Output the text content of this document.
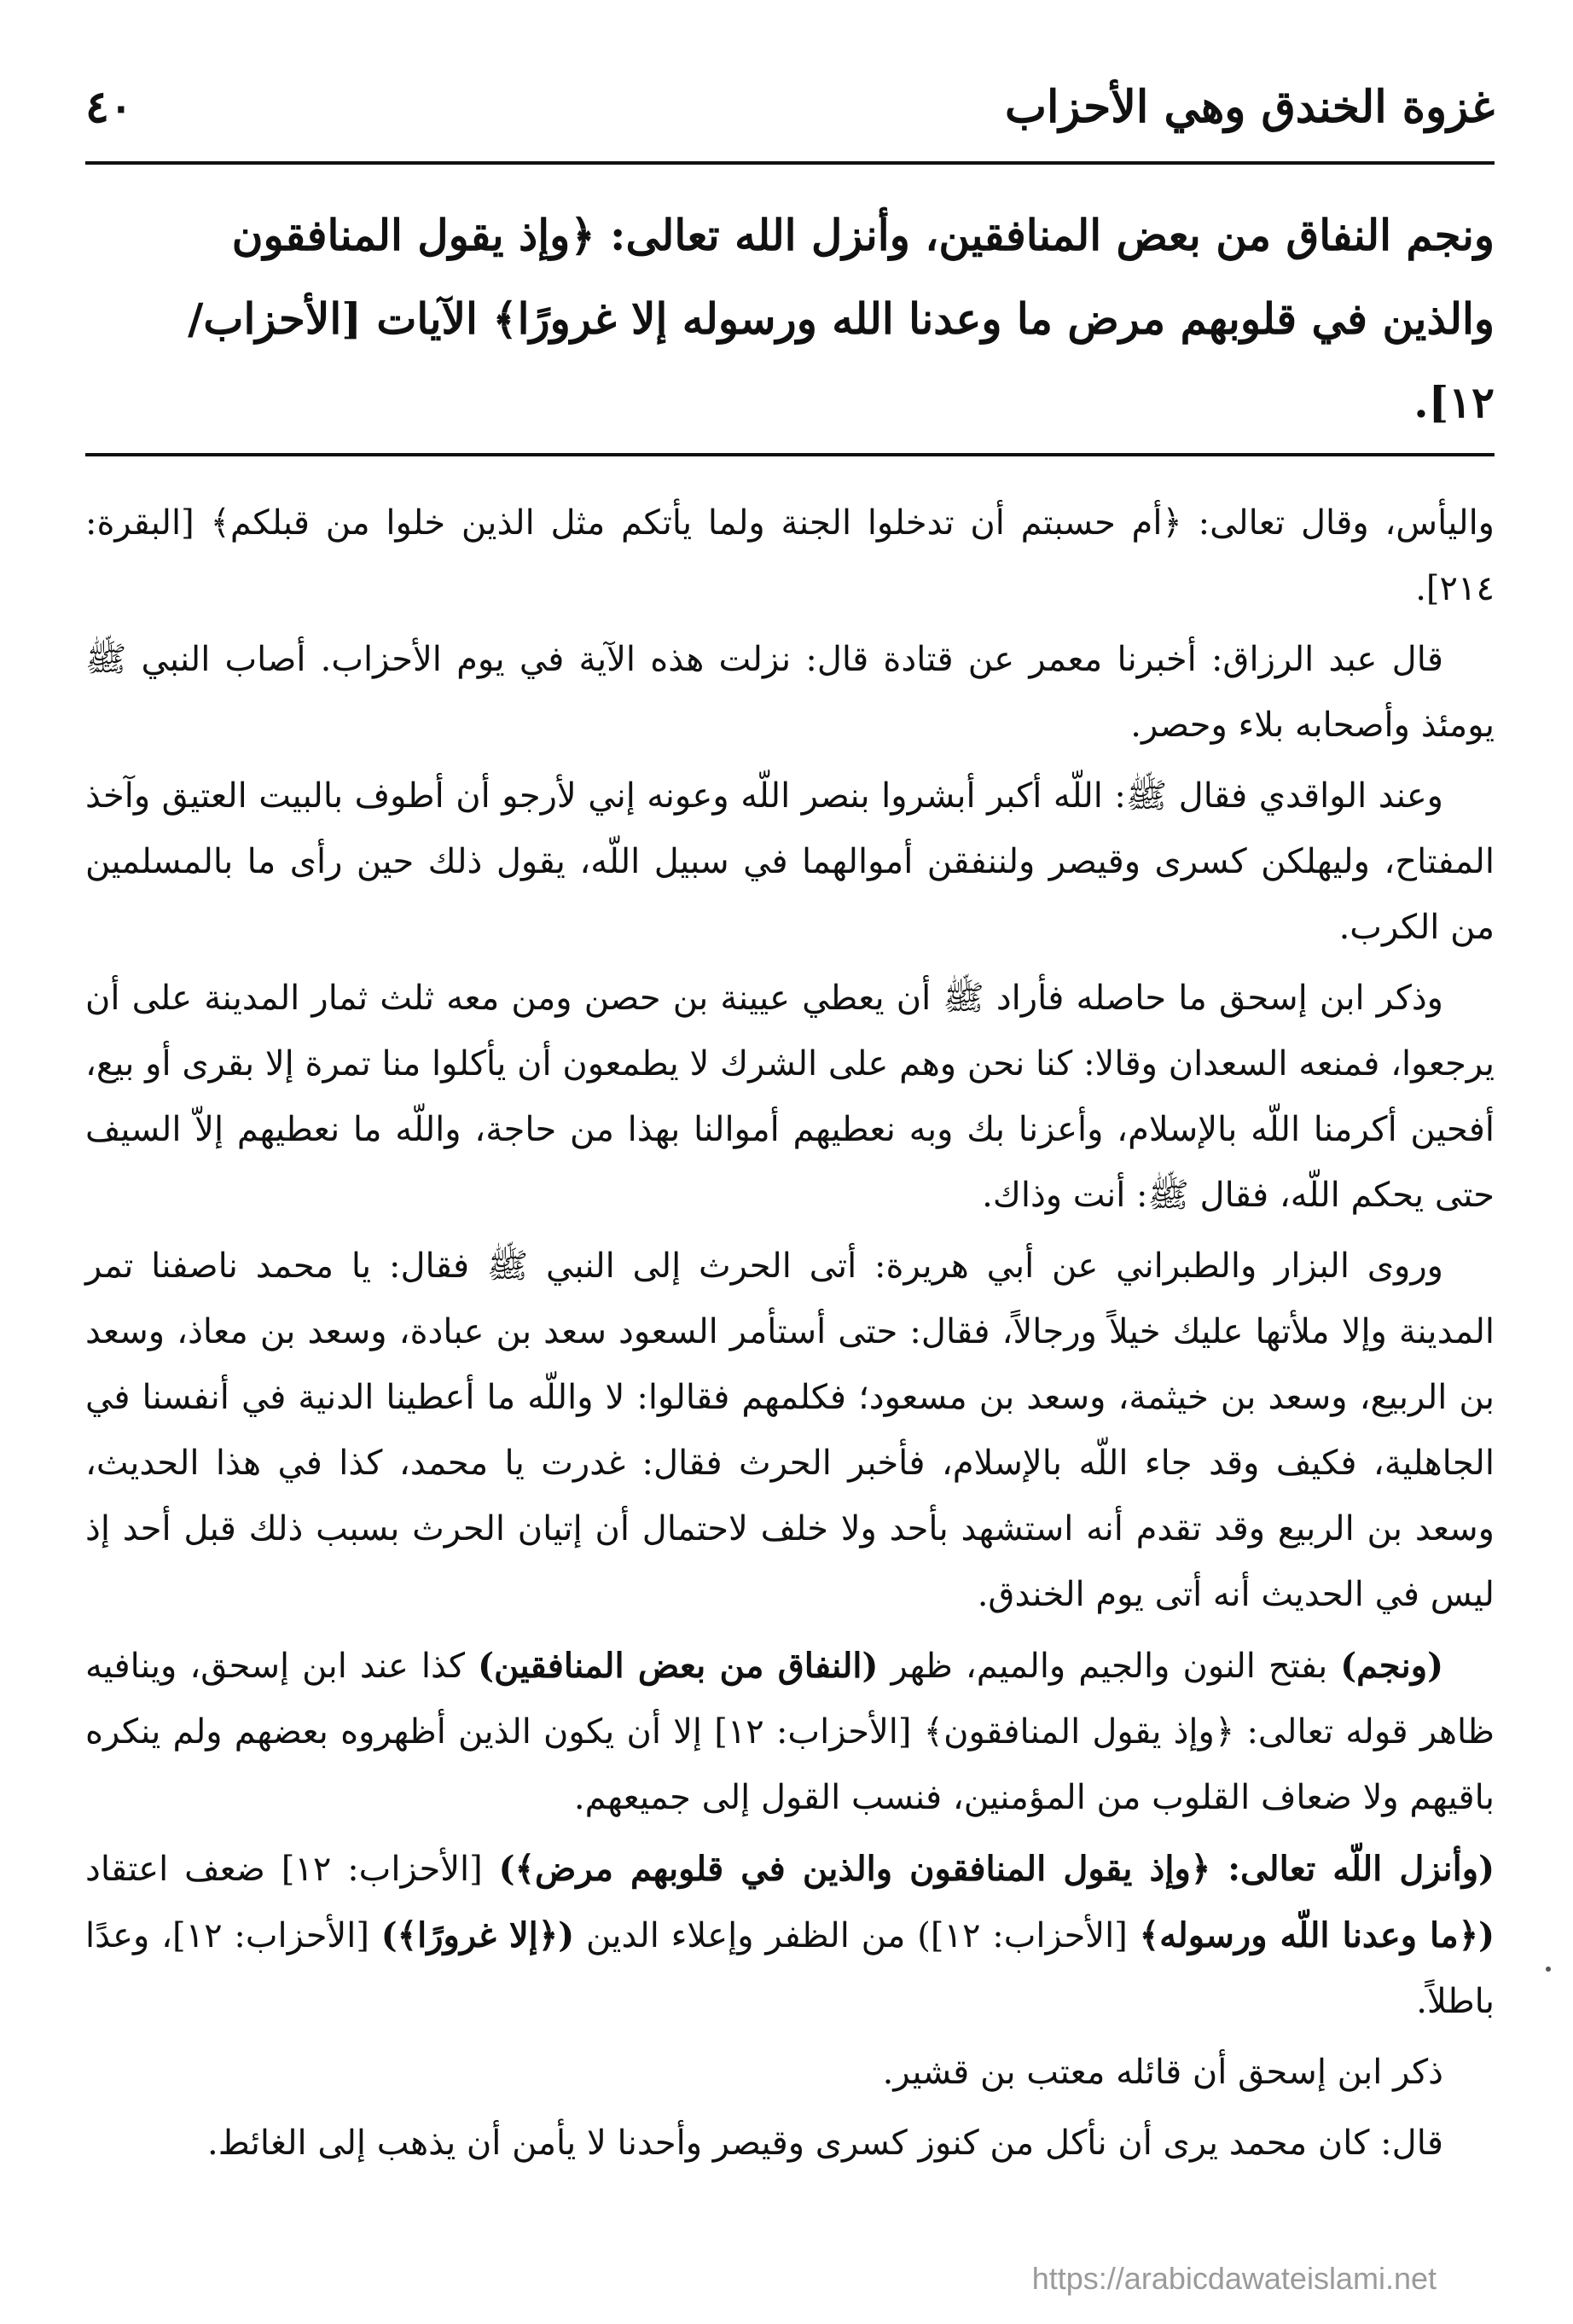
غزوة الخندق وهي الأحزاب
٤٠
ونجم النفاق من بعض المنافقين، وأنزل الله تعالى: ﴿وإذ يقول المنافقون
والذين في قلوبهم مرض ما وعدنا الله ورسوله إلا غرورًا﴾ الآيات [الأحزاب/
١٢].

واليأس، وقال تعالى: ﴿أم حسبتم أن تدخلوا الجنة ولما يأتكم مثل الذين خلوا من قبلكم﴾ [البقرة: ٢١٤].

قال عبد الرزاق: أخبرنا معمر عن قتادة قال: نزلت هذه الآية في يوم الأحزاب. أصاب النبي ﷺ يومئذ وأصحابه بلاء وحصر.

وعند الواقدي فقال ﷺ: اللّه أكبر أبشروا بنصر اللّه وعونه إني لأرجو أن أطوف بالبيت العتيق وآخذ المفتاح، وليهلكن كسرى وقيصر ولننفقن أموالهما في سبيل اللّه، يقول ذلك حين رأى ما بالمسلمين من الكرب.

وذكر ابن إسحق ما حاصله فأراد ﷺ أن يعطي عيينة بن حصن ومن معه ثلث ثمار المدينة على أن يرجعوا، فمنعه السعدان وقالا: كنا نحن وهم على الشرك لا يطمعون أن يأكلوا منا تمرة إلا بقرى أو بيع، أفحين أكرمنا اللّه بالإسلام، وأعزنا بك وبه نعطيهم أموالنا بهذا من حاجة، واللّه ما نعطيهم إلاّ السيف حتى يحكم اللّه، فقال ﷺ: أنت وذاك.

وروى البزار والطبراني عن أبي هريرة: أتى الحرث إلى النبي ﷺ فقال: يا محمد ناصفنا تمر المدينة وإلا ملأتها عليك خيلاً ورجالاً، فقال: حتى أستأمر السعود سعد بن عبادة، وسعد بن معاذ، وسعد بن الربيع، وسعد بن خيثمة، وسعد بن مسعود؛ فكلمهم فقالوا: لا واللّه ما أعطينا الدنية في أنفسنا في الجاهلية، فكيف وقد جاء اللّه بالإسلام، فأخبر الحرث فقال: غدرت يا محمد، كذا في هذا الحديث، وسعد بن الربيع وقد تقدم أنه استشهد بأحد ولا خلف لاحتمال أن إتيان الحرث بسبب ذلك قبل أحد إذ ليس في الحديث أنه أتى يوم الخندق.

(ونجم) بفتح النون والجيم والميم، ظهر (النفاق من بعض المنافقين) كذا عند ابن إسحق، وينافيه ظاهر قوله تعالى: ﴿وإذ يقول المنافقون﴾ [الأحزاب: ١٢] إلا أن يكون الذين أظهروه بعضهم ولم ينكره باقيهم ولا ضعاف القلوب من المؤمنين، فنسب القول إلى جميعهم.

(وأنزل اللّه تعالى: ﴿وإذ يقول المنافقون والذين في قلوبهم مرض﴾) [الأحزاب: ١٢] ضعف اعتقاد (﴿ما وعدنا اللّه ورسوله﴾ [الأحزاب: ١٢]) من الظفر وإعلاء الدين (﴿إلا غرورًا﴾) [الأحزاب: ١٢]، وعدًا باطلاً.

ذكر ابن إسحق أن قائله معتب بن قشير.

قال: كان محمد يرى أن نأكل من كنوز كسرى وقيصر وأحدنا لا يأمن أن يذهب إلى الغائط.

https://arabicdawateislami.net
